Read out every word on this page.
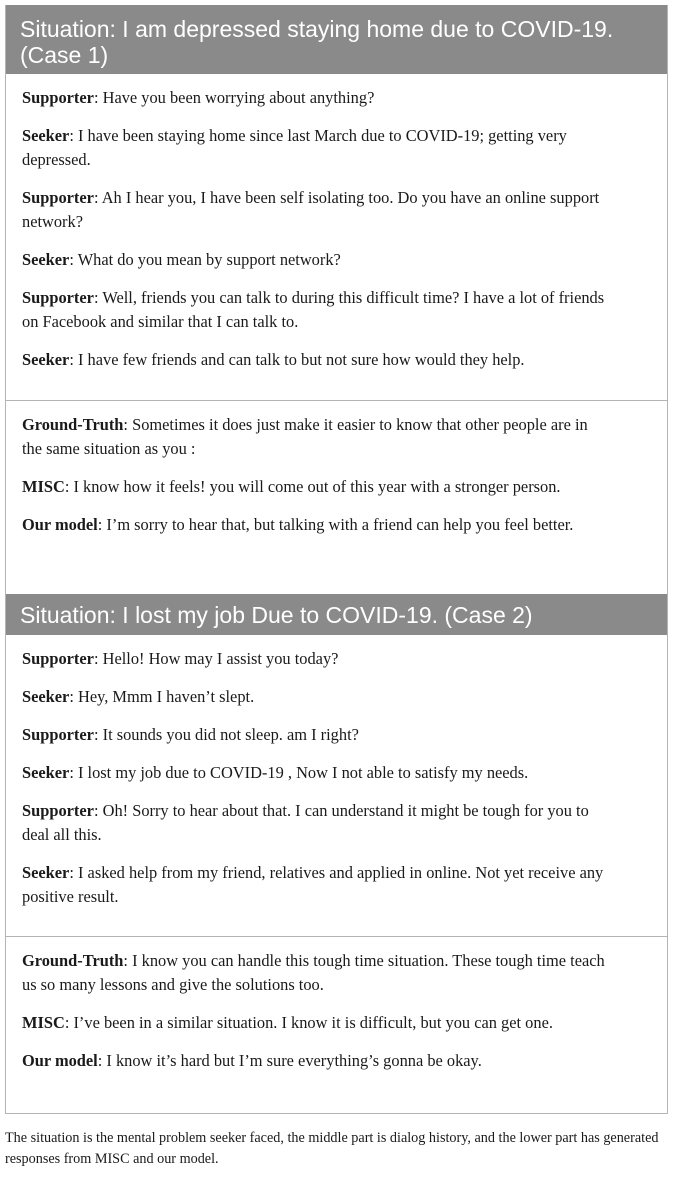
Situation: I am depressed staying home due to COVID-19. (Case 1)

Supporter: Have you been worrying about anything?

Seeker: I have been staying home since last March due to COVID-19; getting very depressed.

Supporter: Ah I hear you, I have been self isolating too. Do you have an online support network?

Seeker: What do you mean by support network?

Supporter: Well, friends you can talk to during this difficult time? I have a lot of friends on Facebook and similar that I can talk to.

Seeker: I have few friends and can talk to but not sure how would they help.

Ground-Truth: Sometimes it does just make it easier to know that other people are in the same situation as you :

MISC: I know how it feels! you will come out of this year with a stronger person.

Our model: I’m sorry to hear that, but talking with a friend can help you feel better.

Situation: I lost my job Due to COVID-19. (Case 2)

Supporter: Hello! How may I assist you today?

Seeker: Hey, Mmm I haven’t slept.

Supporter: It sounds you did not sleep. am I right?

Seeker: I lost my job due to COVID-19 , Now I not able to satisfy my needs.

Supporter: Oh! Sorry to hear about that. I can understand it might be tough for you to deal all this.

Seeker: I asked help from my friend, relatives and applied in online. Not yet receive any positive result.

Ground-Truth: I know you can handle this tough time situation. These tough time teach us so many lessons and give the solutions too.

MISC: I’ve been in a similar situation. I know it is difficult, but you can get one.

Our model: I know it’s hard but I’m sure everything’s gonna be okay.

The situation is the mental problem seeker faced, the middle part is dialog history, and the lower part has generated responses from MISC and our model.
